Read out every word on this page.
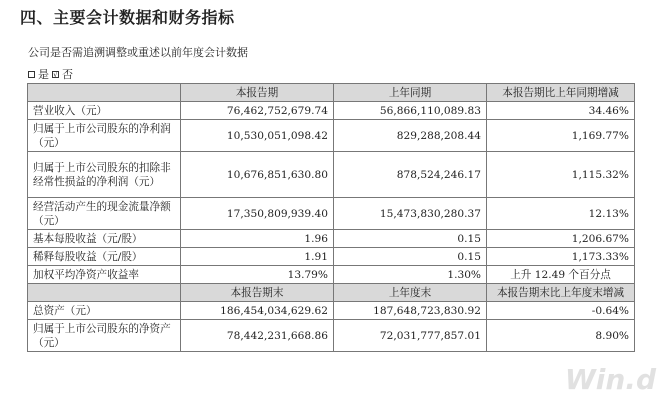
四、主要会计数据和财务指标
公司是否需追溯调整或重述以前年度会计数据
是 √ 否
	本报告期	上年同期	本报告期比上年同期增减
营业收入（元）	76,462,752,679.74	56,866,110,089.83	34.46%
归属于上市公司股东的净利润（元）	10,530,051,098.42	829,288,208.44	1,169.77%
归属于上市公司股东的扣除非经常性损益的净利润（元）	10,676,851,630.80	878,524,246.17	1,115.32%
经营活动产生的现金流量净额（元）	17,350,809,939.40	15,473,830,280.37	12.13%
基本每股收益（元/股）	1.96	0.15	1,206.67%
稀释每股收益（元/股）	1.91	0.15	1,173.33%
加权平均净资产收益率	13.79%	1.30%	上升 12.49 个百分点
	本报告期末	上年度末	本报告期末比上年度末增减
总资产（元）	186,454,034,629.62	187,648,723,830.92	-0.64%
归属于上市公司股东的净资产（元）	78,442,231,668.86	72,031,777,857.01	8.90%
Win.d
